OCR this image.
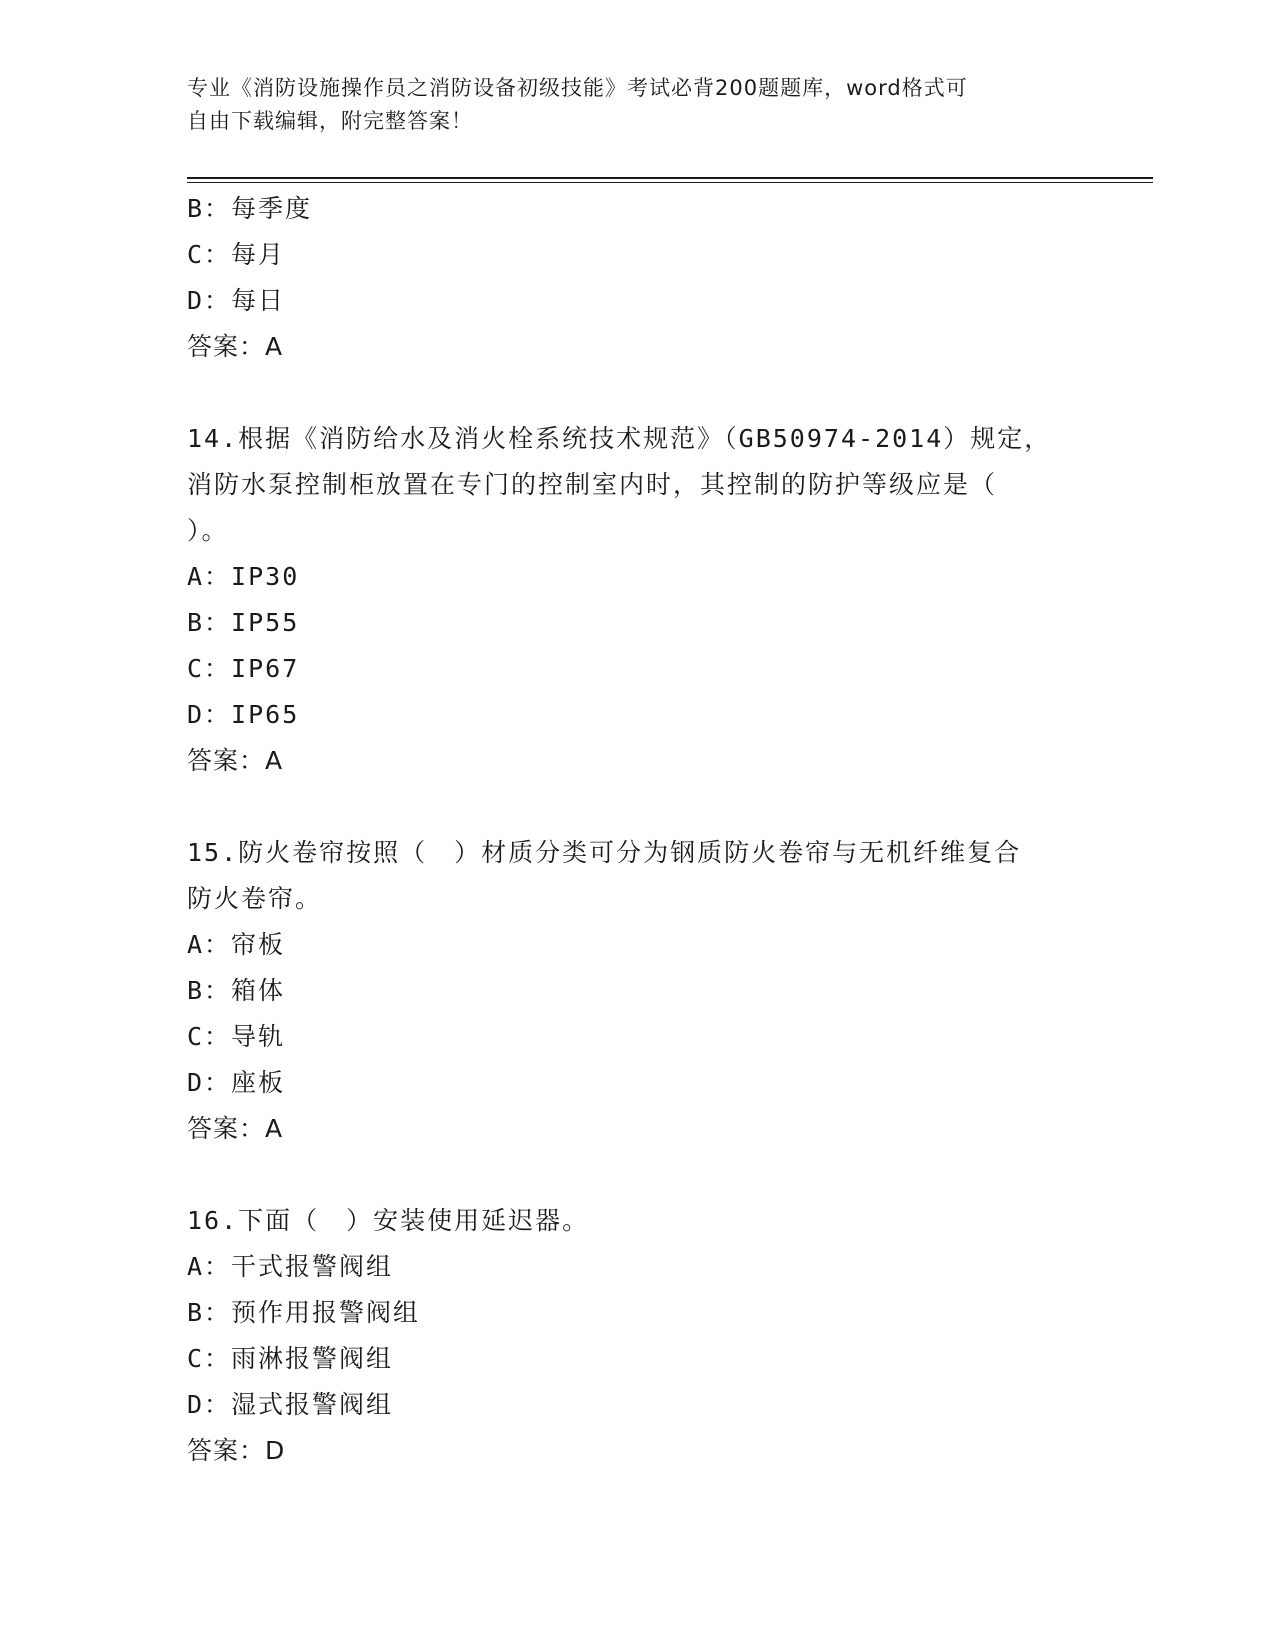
专业《消防设施操作员之消防设备初级技能》考试必背200题题库，word格式可
自由下载编辑，附完整答案！
B：每季度
C：每月
D：每日
答案：A
14.根据《消防给水及消火栓系统技术规范》（GB50974-2014）规定，
消防水泵控制柜放置在专门的控制室内时，其控制的防护等级应是（
）。
A：IP30
B：IP55
C：IP67
D：IP65
答案：A
15.防火卷帘按照（　）材质分类可分为钢质防火卷帘与无机纤维复合
防火卷帘。
A：帘板
B：箱体
C：导轨
D：座板
答案：A
16.下面（　）安装使用延迟器。
A：干式报警阀组
B：预作用报警阀组
C：雨淋报警阀组
D：湿式报警阀组
答案：D
